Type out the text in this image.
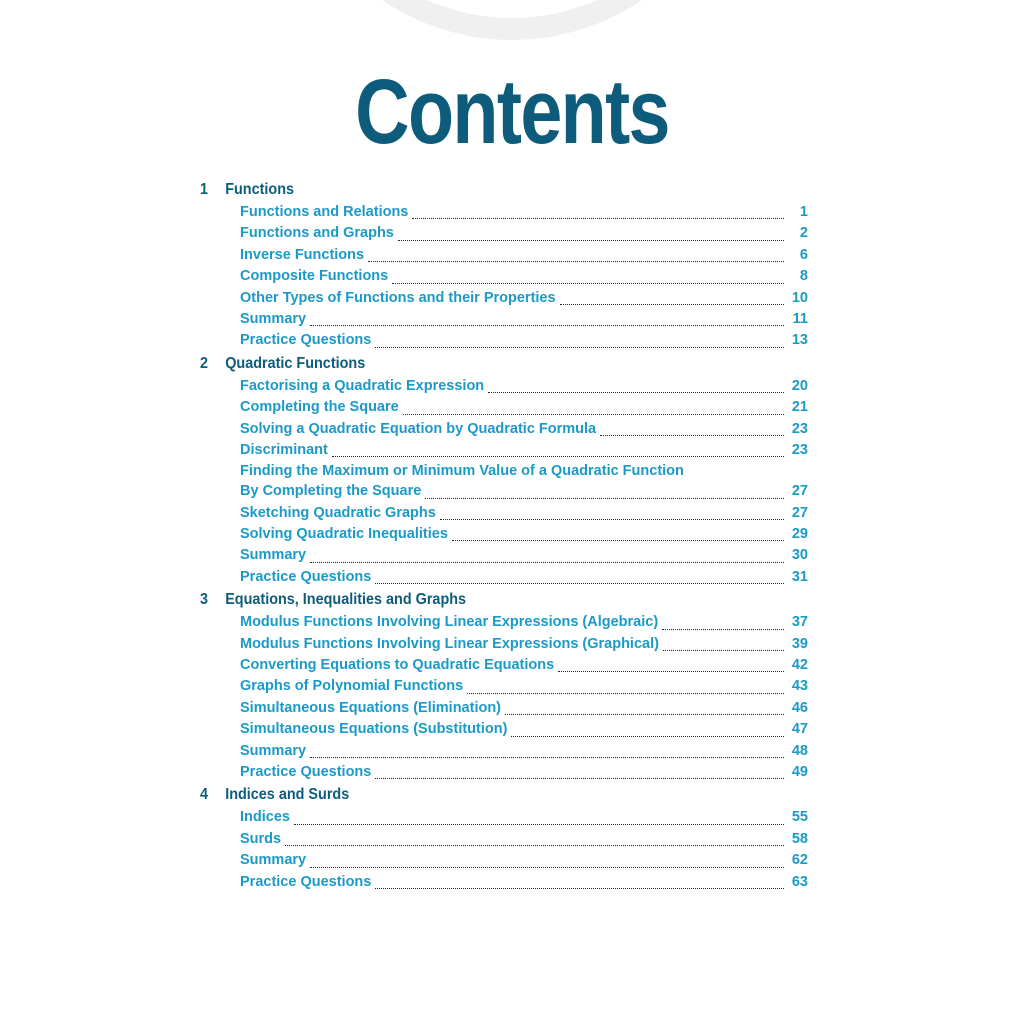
Contents
1	Functions
Functions and Relations	1
Functions and Graphs	2
Inverse Functions	6
Composite Functions	8
Other Types of Functions and their Properties	10
Summary	11
Practice Questions	13
2	Quadratic Functions
Factorising a Quadratic Expression	20
Completing the Square	21
Solving a Quadratic Equation by Quadratic Formula	23
Discriminant	23
Finding the Maximum or Minimum Value of a Quadratic Function
By Completing the Square	27
Sketching Quadratic Graphs	27
Solving Quadratic Inequalities	29
Summary	30
Practice Questions	31
3	Equations, Inequalities and Graphs
Modulus Functions Involving Linear Expressions (Algebraic)	37
Modulus Functions Involving Linear Expressions (Graphical)	39
Converting Equations to Quadratic Equations	42
Graphs of Polynomial Functions	43
Simultaneous Equations (Elimination)	46
Simultaneous Equations (Substitution)	47
Summary	48
Practice Questions	49
4	Indices and Surds
Indices	55
Surds	58
Summary	62
Practice Questions	63
